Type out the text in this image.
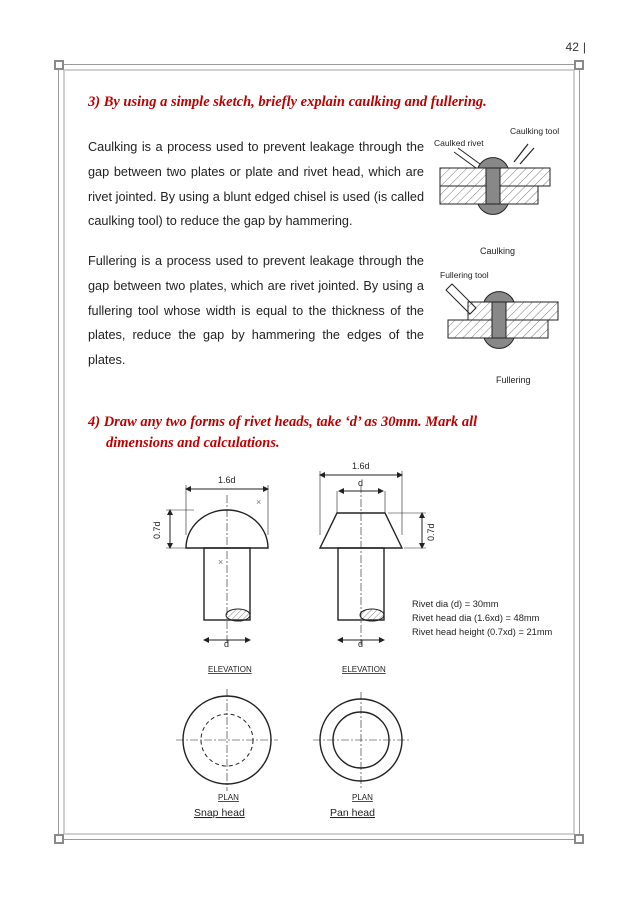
42 |
3) By using a simple sketch, briefly explain caulking and fullering.
Caulking is a process used to prevent leakage through the gap between two plates or plate and rivet head, which are rivet jointed. By using a blunt edged chisel is used (is called caulking tool) to reduce the gap by hammering.
Fullering is a process used to prevent leakage through the gap between two plates, which are rivet jointed. By using a fullering tool whose width is equal to the thickness of the plates, reduce the gap by hammering the edges of the plates.
4) Draw any two forms of rivet heads, take ‘d’ as 30mm. Mark all
dimensions and calculations.
Caulking tool
Caulked rivet
Caulking
Fullering tool
Fullering
1.6d
0.7d
×
×
d
ELEVATION
PLAN
Snap head
1.6d
d
0.7d
d
ELEVATION
PLAN
Pan head
Rivet dia (d) = 30mm
Rivet head dia (1.6xd) = 48mm
Rivet head height (0.7xd) = 21mm
